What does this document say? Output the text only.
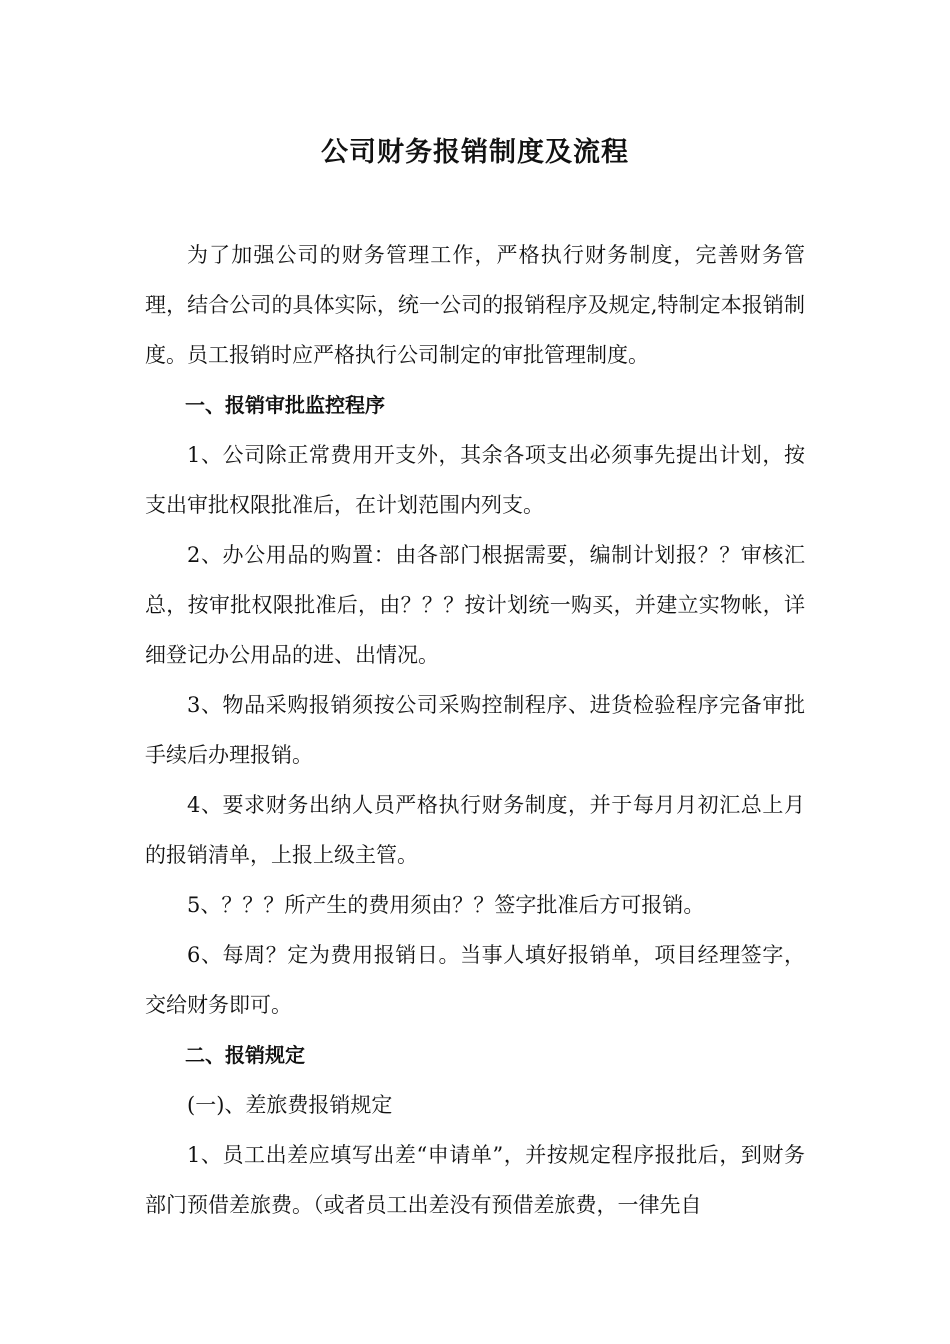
公司财务报销制度及流程

为了加强公司的财务管理工作，严格执行财务制度，完善财务管理，结合公司的具体实际，统一公司的报销程序及规定,特制定本报销制度。员工报销时应严格执行公司制定的审批管理制度。

一、报销审批监控程序

1、公司除正常费用开支外，其余各项支出必须事先提出计划，按支出审批权限批准后，在计划范围内列支。

2、办公用品的购置：由各部门根据需要，编制计划报？？审核汇总，按审批权限批准后，由？？？按计划统一购买，并建立实物帐，详细登记办公用品的进、出情况。

3、物品采购报销须按公司采购控制程序、进货检验程序完备审批手续后办理报销。

4、要求财务出纳人员严格执行财务制度，并于每月月初汇总上月的报销清单，上报上级主管。

5、？？？所产生的费用须由？？签字批准后方可报销。

6、每周？定为费用报销日。当事人填好报销单，项目经理签字，交给财务即可。

二、报销规定

(一)、差旅费报销规定

1、员工出差应填写出差“申请单”，并按规定程序报批后，到财务部门预借差旅费。（或者员工出差没有预借差旅费，一律先自
